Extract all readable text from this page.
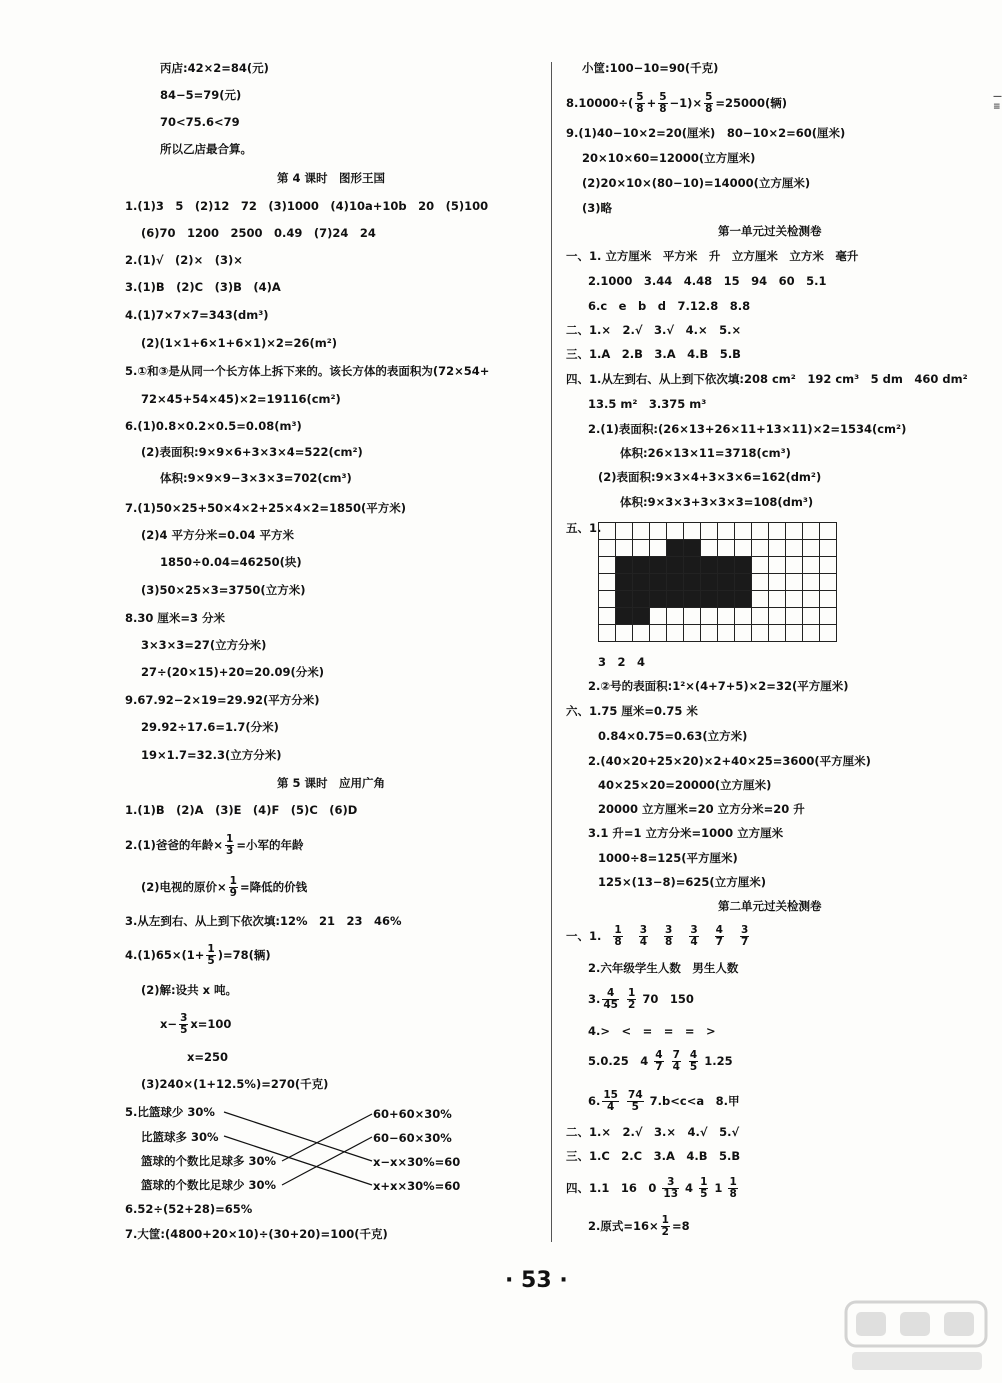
丙店:42×2=84(元)
84−5=79(元)
70<75.6<79
所以乙店最合算。
第 4 课时　图形王国
1.(1)3　5　(2)12　72　(3)1000　(4)10a+10b　20　(5)100
(6)70　1200　2500　0.49　(7)24　24
2.(1)√　(2)×　(3)×
3.(1)B　(2)C　(3)B　(4)A
4.(1)7×7×7=343(dm³)
(2)(1×1+6×1+6×1)×2=26(m²)
5.①和③是从同一个长方体上拆下来的。该长方体的表面积为(72×54+
72×45+54×45)×2=19116(cm²)
6.(1)0.8×0.2×0.5=0.08(m³)
(2)表面积:9×9×6+3×3×4=522(cm²)
体积:9×9×9−3×3×3=702(cm³)
7.(1)50×25+50×4×2+25×4×2=1850(平方米)
(2)4 平方分米=0.04 平方米
1850÷0.04=46250(块)
(3)50×25×3=3750(立方米)
8.30 厘米=3 分米
3×3×3=27(立方分米)
27÷(20×15)+20=20.09(分米)
9.67.92−2×19=29.92(平方分米)
29.92÷17.6=1.7(分米)
19×1.7=32.3(立方分米)
第 5 课时　应用广角
1.(1)B　(2)A　(3)E　(4)F　(5)C　(6)D
2.(1)爸爸的年龄× $\frac{1}{3}$ =小军的年龄
(2)电视的原价× $\frac{1}{9}$ =降低的价钱
3.从左到右、从上到下依次填:12%　21　23　46%
$4.(1)65\times(1+ \frac{1}{5} )=78$(辆)
(2)解:设共 x 吨。
$x- \frac{3}{5} x=100$
x=250
(3)240×(1+12.5%)=270(千克)
5.比篮球少 30%
比篮球多 30%
篮球的个数比足球多 30%
篮球的个数比足球少 30%
60+60×30%
60−60×30%
x−x×30%=60
x+x×30%=60
6.52÷(52+28)=65%
7.大筐:(4800+20×10)÷(30+20)=100(千克)
小筐:100−10=90(千克)
$8.10000\div( \frac{5}{8} + \frac{5}{8} -1)\times \frac{5}{8} =25000$(辆)
9.(1)40−10×2=20(厘米)　80−10×2=60(厘米)
20×10×60=12000(立方厘米)
(2)20×10×(80−10)=14000(立方厘米)
(3)略
第一单元过关检测卷
一、1. 立方厘米　平方米　升　立方厘米　立方米　毫升
2.1000　3.44　4.48　15　94　60　5.1
6.c　e　b　d　7.12.8　8.8
二、1.×　2.√　3.√　4.×　5.×
三、1.A　2.B　3.A　4.B　5.B
四、1.从左到右、从上到下依次填:208 cm²　192 cm³　5 dm　460 dm²
13.5 m²　3.375 m³
2.(1)表面积:(26×13+26×11+13×11)×2=1534(cm²)
体积:26×13×11=3718(cm³)
(2)表面积:9×3×4+3×3×6=162(dm²)
体积:9×3×3+3×3×3=108(dm³)
五、1.
3　2　4
2.②号的表面积:1²×(4+7+5)×2=32(平方厘米)
六、1.75 厘米=0.75 米
0.84×0.75=0.63(立方米)
2.(40×20+25×20)×2+40×25=3600(平方厘米)
40×25×20=20000(立方厘米)
20000 立方厘米=20 立方分米=20 升
3.1 升=1 立方分米=1000 立方厘米
1000÷8=125(平方厘米)
125×(13−8)=625(立方厘米)
第二单元过关检测卷
一、1. $\frac{1}{8} \frac{3}{4} \frac{3}{8} \frac{3}{4} \frac{4}{7} \frac{3}{7}$
2.六年级学生人数　男生人数
3. $\frac{4}{45}$
$\frac{1}{2} 70$　150
4.>　<　=　=　=　>
5.0.25　$4 \frac{4}{7}$
$\frac{7}{4}$
$\frac{4}{5} 1.25$
6. $\frac{15}{4}$
$\frac{74}{5} 7.b<c<a$　8.甲
二、1.×　2.√　3.×　4.√　5.√
三、1.C　2.C　3.A　4.B　5.B
四、1.1　16　$0 \frac{3}{13} 4 \frac{1}{5} 1 \frac{1}{8}$
2.原式$=16\times \frac{1}{2} =8$
—
≡
· 53 ·
